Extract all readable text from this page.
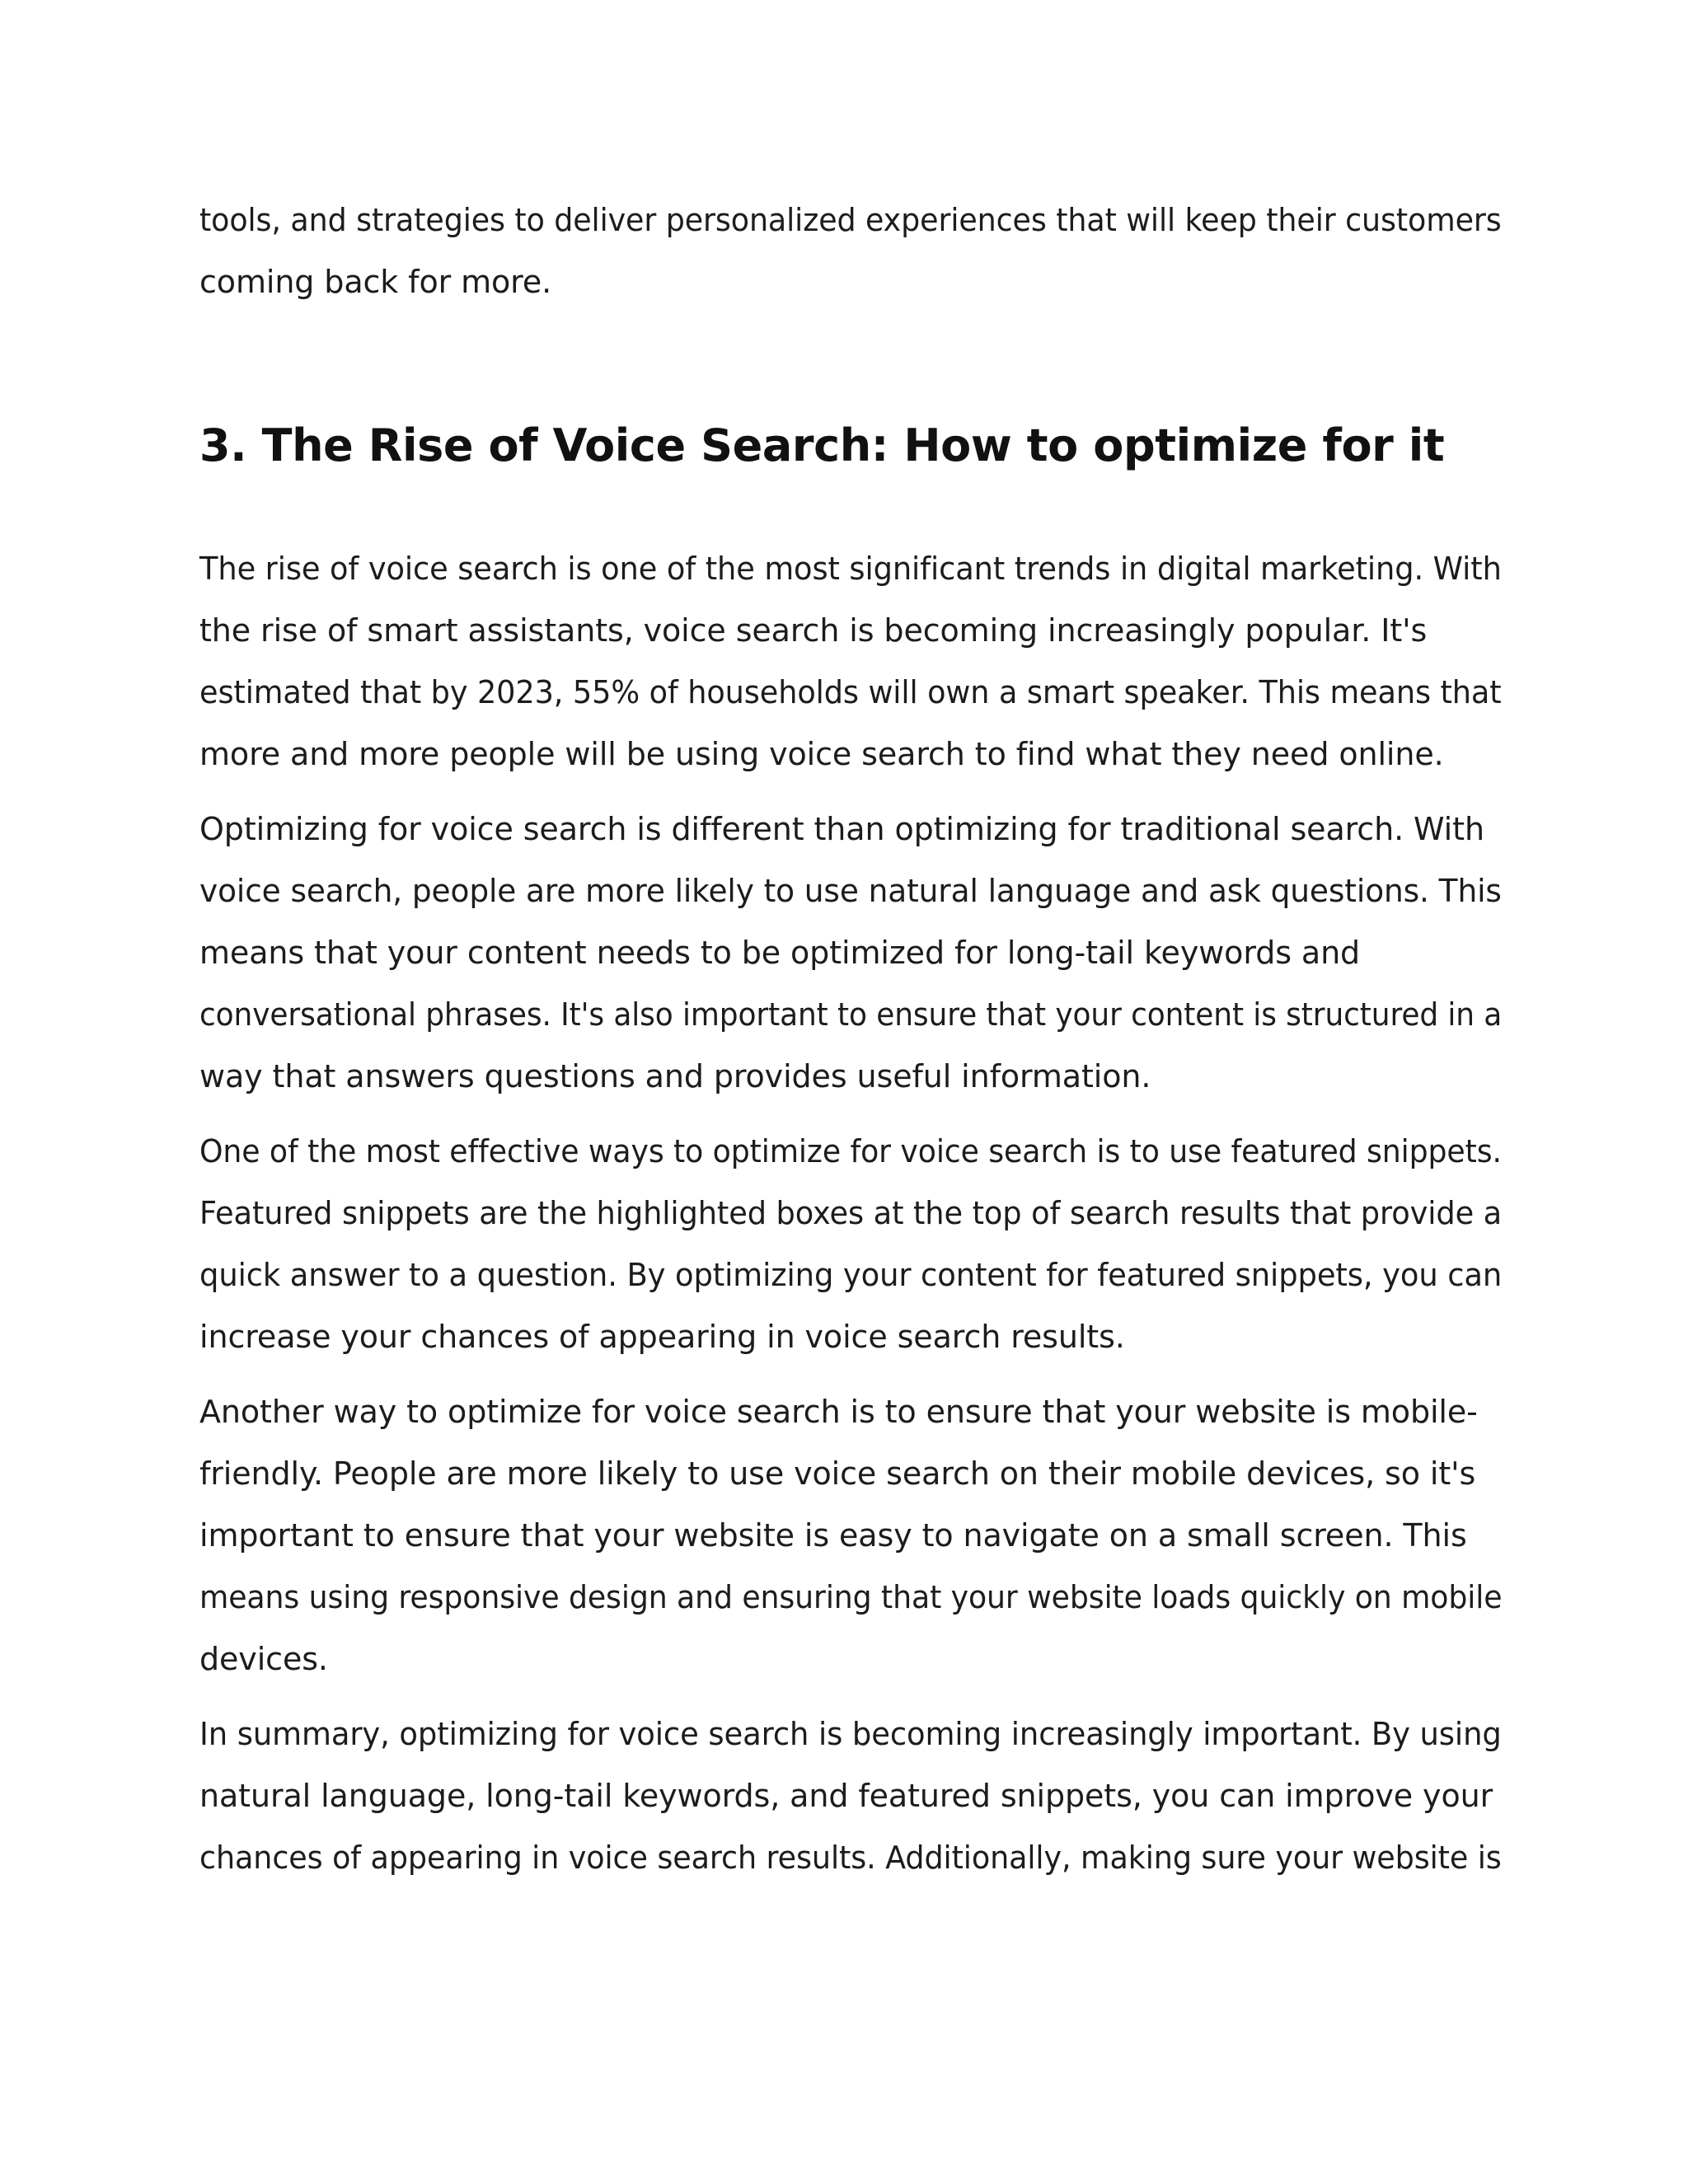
tools, and strategies to deliver personalized experiences that will keep their customers
coming back for more.
3. The Rise of Voice Search: How to optimize for it
The rise of voice search is one of the most significant trends in digital marketing. With
the rise of smart assistants, voice search is becoming increasingly popular. It's
estimated that by 2023, 55% of households will own a smart speaker. This means that
more and more people will be using voice search to find what they need online.
Optimizing for voice search is different than optimizing for traditional search. With
voice search, people are more likely to use natural language and ask questions. This
means that your content needs to be optimized for long-tail keywords and
conversational phrases. It's also important to ensure that your content is structured in a
way that answers questions and provides useful information.
One of the most effective ways to optimize for voice search is to use featured snippets.
Featured snippets are the highlighted boxes at the top of search results that provide a
quick answer to a question. By optimizing your content for featured snippets, you can
increase your chances of appearing in voice search results.
Another way to optimize for voice search is to ensure that your website is mobile-
friendly. People are more likely to use voice search on their mobile devices, so it's
important to ensure that your website is easy to navigate on a small screen. This
means using responsive design and ensuring that your website loads quickly on mobile
devices.
In summary, optimizing for voice search is becoming increasingly important. By using
natural language, long-tail keywords, and featured snippets, you can improve your
chances of appearing in voice search results. Additionally, making sure your website is
